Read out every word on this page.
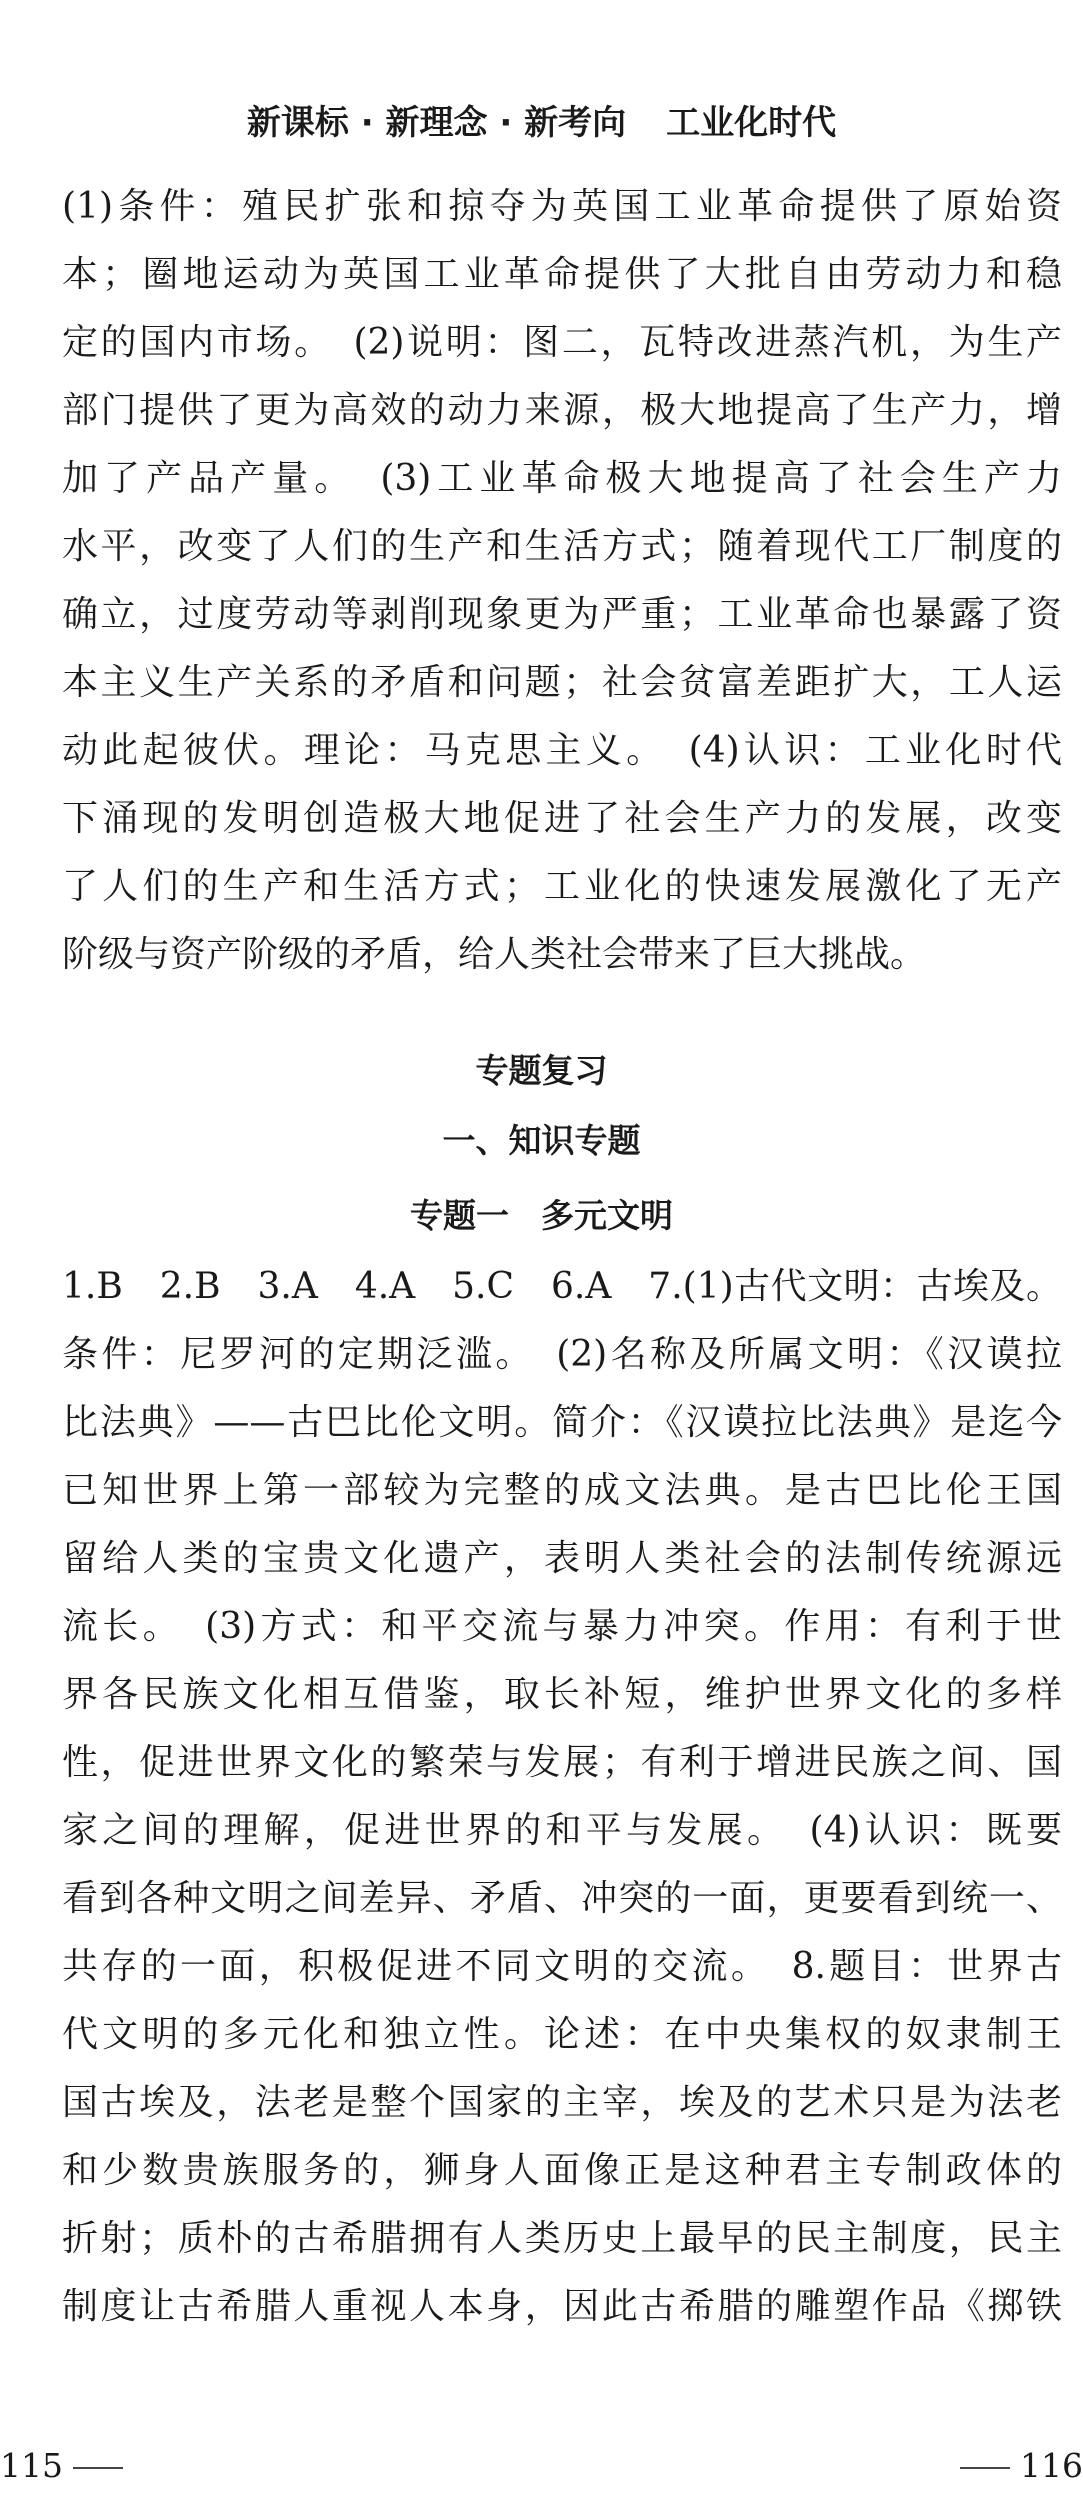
新课标 · 新理念 · 新考向 工业化时代
(1)条件：殖民扩张和掠夺为英国工业革命提供了原始资
本；圈地运动为英国工业革命提供了大批自由劳动力和稳
定的国内市场。　(2)说明：图二，瓦特改进蒸汽机，为生产
部门提供了更为高效的动力来源，极大地提高了生产力，增
加了产品产量。　(3)工业革命极大地提高了社会生产力
水平，改变了人们的生产和生活方式；随着现代工厂制度的
确立，过度劳动等剥削现象更为严重；工业革命也暴露了资
本主义生产关系的矛盾和问题；社会贫富差距扩大，工人运
动此起彼伏。理论：马克思主义。　(4)认识：工业化时代
下涌现的发明创造极大地促进了社会生产力的发展，改变
了人们的生产和生活方式；工业化的快速发展激化了无产
阶级与资产阶级的矛盾，给人类社会带来了巨大挑战。
专题复习
一、知识专题
专题一 多元文明
1.B　2.B　3.A　4.A　5.C　6.A　7.(1)古代文明：古埃及。
条件：尼罗河的定期泛滥。　(2)名称及所属文明：《汉谟拉
比法典》——古巴比伦文明。简介：《汉谟拉比法典》是迄今
已知世界上第一部较为完整的成文法典。是古巴比伦王国
留给人类的宝贵文化遗产，表明人类社会的法制传统源远
流长。　(3)方式：和平交流与暴力冲突。作用：有利于世
界各民族文化相互借鉴，取长补短，维护世界文化的多样
性，促进世界文化的繁荣与发展；有利于增进民族之间、国
家之间的理解，促进世界的和平与发展。　(4)认识：既要
看到各种文明之间差异、矛盾、冲突的一面，更要看到统一、
共存的一面，积极促进不同文明的交流。　8.题目：世界古
代文明的多元化和独立性。论述：在中央集权的奴隶制王
国古埃及，法老是整个国家的主宰，埃及的艺术只是为法老
和少数贵族服务的，狮身人面像正是这种君主专制政体的
折射；质朴的古希腊拥有人类历史上最早的民主制度，民主
制度让古希腊人重视人本身，因此古希腊的雕塑作品《掷铁
115	116
